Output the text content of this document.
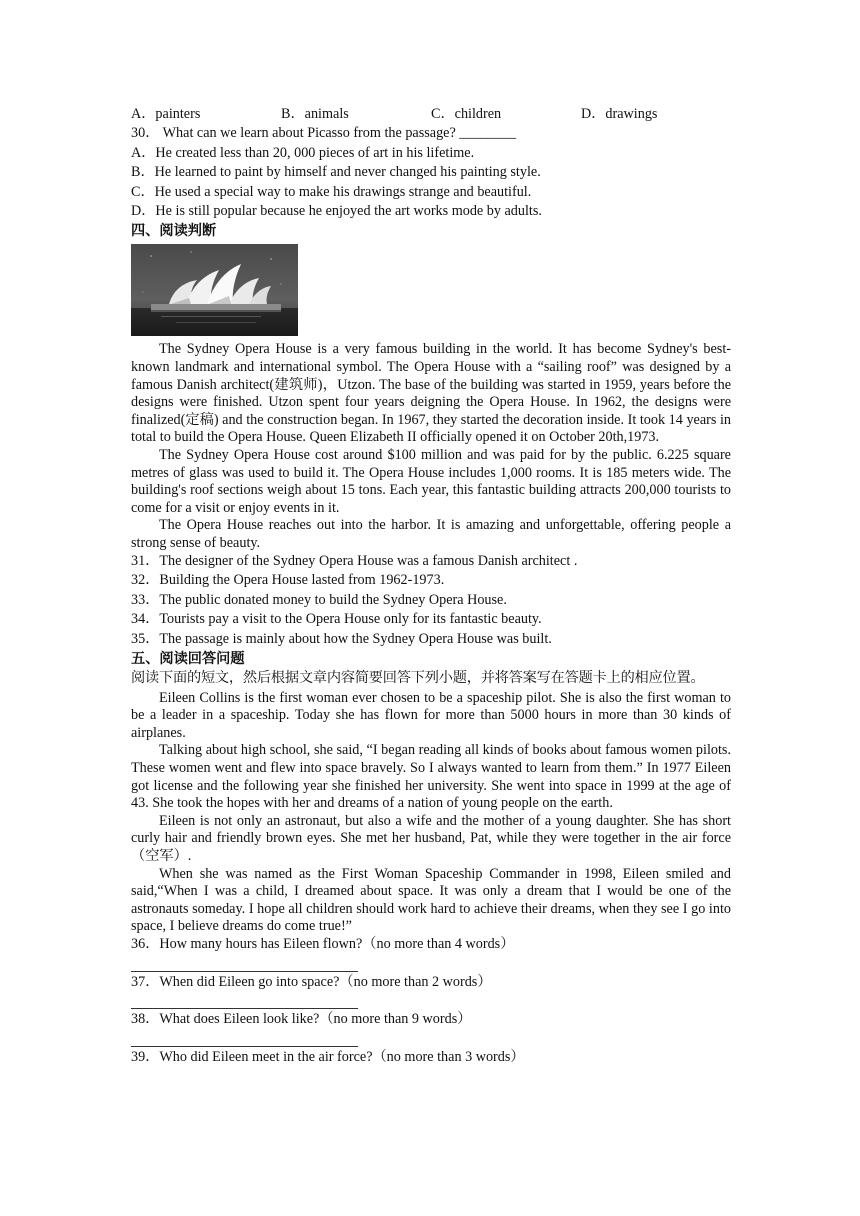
A．painters	B．animals	C．children	D．drawings
30． What can we learn about Picasso from the passage? ________
A．He created less than 20, 000 pieces of art in his lifetime.
B．He learned to paint by himself and never changed his painting style.
C．He used a special way to make his drawings strange and beautiful.
D．He is still popular because he enjoyed the art works mode by adults.
四、阅读判断

The Sydney Opera House is a very famous building in the world. It has become Sydney's best-known landmark and international symbol. The Opera House with a “sailing roof” was designed by a famous Danish architect(建筑师)，Utzon. The base of the building was started in 1959, years before the designs were finished. Utzon spent four years deigning the Opera House. In 1962, the designs were finalized(定稿) and the construction began. In 1967, they started the decoration inside. It took 14 years in total to build the Opera House. Queen Elizabeth II officially opened it on October 20th,1973.

The Sydney Opera House cost around $100 million and was paid for by the public. 6.225 square metres of glass was used to build it. The Opera House includes 1,000 rooms. It is 185 meters wide. The building's roof sections weigh about 15 tons. Each year, this fantastic building attracts 200,000 tourists to come for a visit or enjoy events in it.

The Opera House reaches out into the harbor. It is amazing and unforgettable, offering people a strong sense of beauty.

31．The designer of the Sydney Opera House was a famous Danish architect .
32．Building the Opera House lasted from 1962-1973.
33．The public donated money to build the Sydney Opera House.
34．Tourists pay a visit to the Opera House only for its fantastic beauty.
35．The passage is mainly about how the Sydney Opera House was built.
五、阅读回答问题
阅读下面的短文，然后根据文章内容简要回答下列小题，并将答案写在答题卡上的相应位置。

Eileen Collins is the first woman ever chosen to be a spaceship pilot. She is also the first woman to be a leader in a spaceship. Today she has flown for more than 5000 hours in more than 30 kinds of airplanes.

Talking about high school, she said, “I began reading all kinds of books about famous women pilots. These women went and flew into space bravely. So I always wanted to learn from them.” In 1977 Eileen got license and the following year she finished her university. She went into space in 1999 at the age of 43. She took the hopes with her and dreams of a nation of young people on the earth.

Eileen is not only an astronaut, but also a wife and the mother of a young daughter. She has short curly hair and friendly brown eyes. She met her husband, Pat, while they were together in the air force（空军）.

When she was named as the First Woman Spaceship Commander in 1998, Eileen smiled and said,“When I was a child, I dreamed about space. It was only a dream that I would be one of the astronauts someday. I hope all children should work hard to achieve their dreams, when they see I go into space, I believe dreams do come true!”

36．How many hours has Eileen flown?（no more than 4 words）
37．When did Eileen go into space?（no more than 2 words）
38．What does Eileen look like?（no more than 9 words）
39．Who did Eileen meet in the air force?（no more than 3 words）
